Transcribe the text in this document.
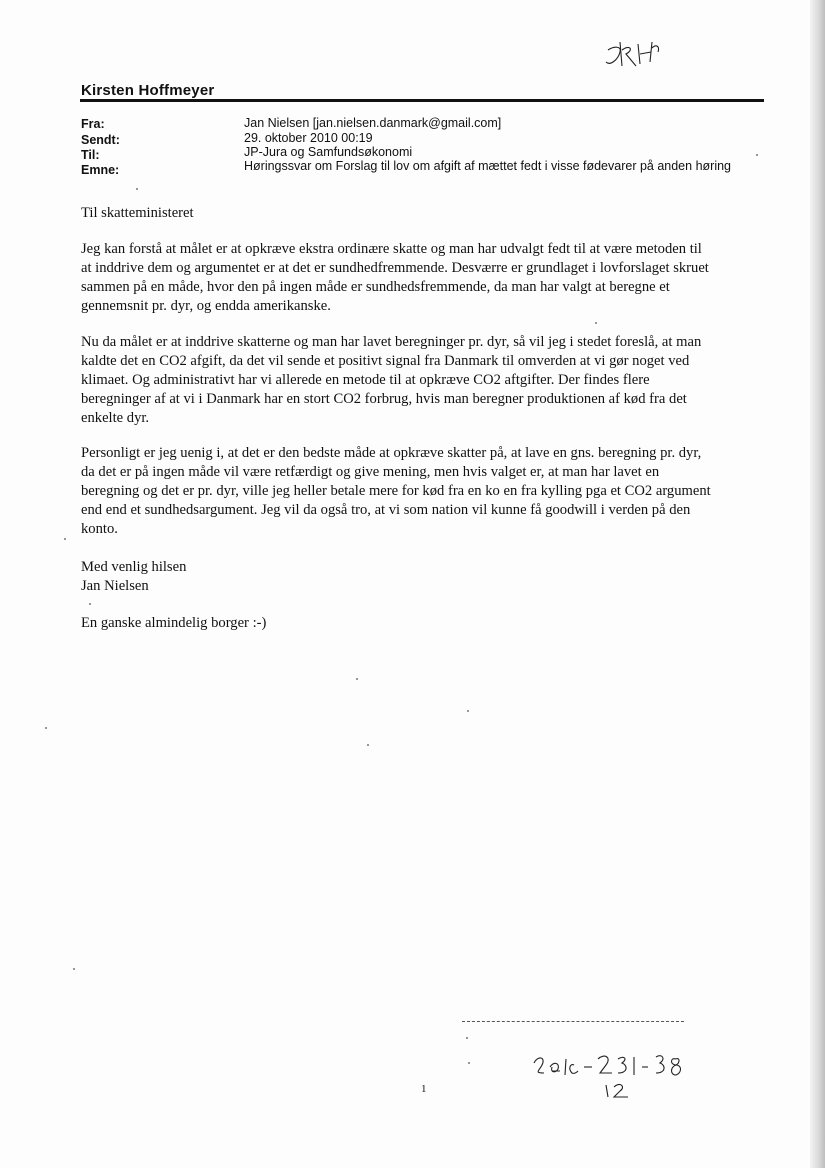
Kirsten Hoffmeyer
Fra:	Jan Nielsen [jan.nielsen.danmark@gmail.com]
Sendt:	29. oktober 2010 00:19
Til:	JP-Jura og Samfundsøkonomi
Emne:	Høringssvar om Forslag til lov om afgift af mættet fedt i visse fødevarer på anden høring
Til skatteministeret

Jeg kan forstå at målet er at opkræve ekstra ordinære skatte og man har udvalgt fedt til at være metoden til

at inddrive dem og argumentet er at det er sundhedfremmende. Desværre er grundlaget i lovforslaget skruet

sammen på en måde, hvor den på ingen måde er sundhedsfremmende, da man har valgt at beregne et

gennemsnit pr. dyr, og endda amerikanske.

Nu da målet er at inddrive skatterne og man har lavet beregninger pr. dyr, så vil jeg i stedet foreslå, at man

kaldte det en CO2 afgift, da det vil sende et positivt signal fra Danmark til omverden at vi gør noget ved

klimaet. Og administrativt har vi allerede en metode til at opkræve CO2 aftgifter. Der findes flere

beregninger af at vi i Danmark har en stort CO2 forbrug, hvis man beregner produktionen af kød fra det

enkelte dyr.

Personligt er jeg uenig i, at det er den bedste måde at opkræve skatter på, at lave en gns. beregning pr. dyr,

da det er på ingen måde vil være retfærdigt og give mening, men hvis valget er, at man har lavet en

beregning og det er pr. dyr, ville jeg heller betale mere for kød fra en ko en fra kylling pga et CO2 argument

end end et sundhedsargument. Jeg vil da også tro, at vi som nation vil kunne få goodwill i verden på den

konto.

Med venlig hilsen
Jan Nielsen
En ganske almindelig borger :-)
1
